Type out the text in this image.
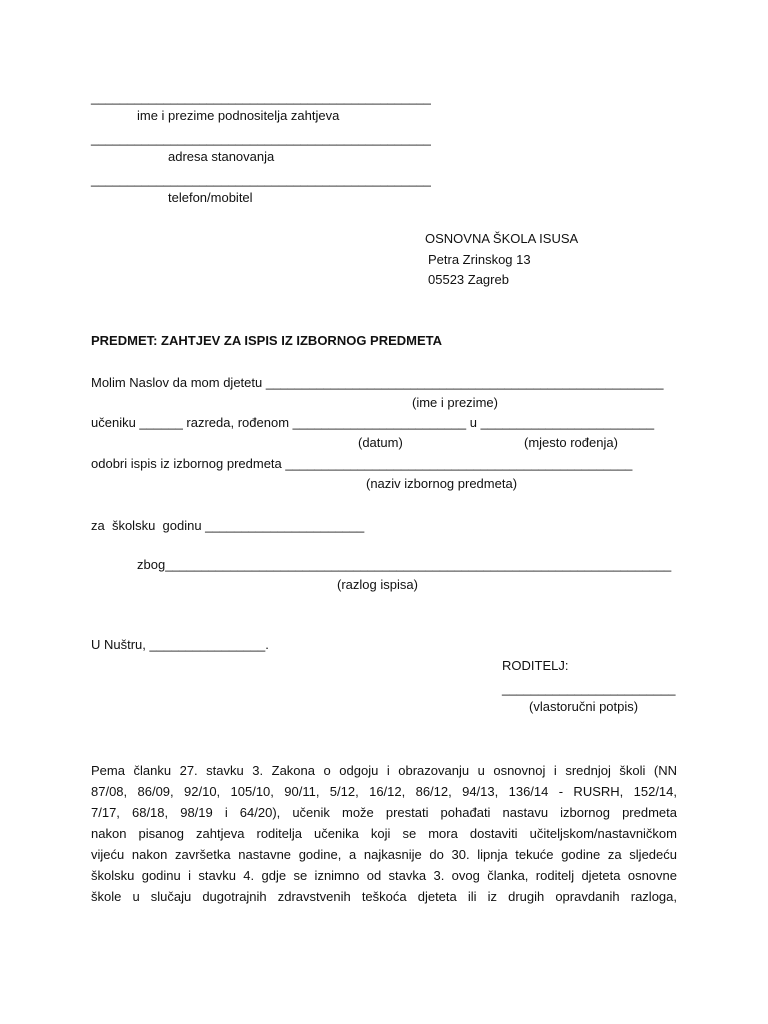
_______________________________________________
ime i prezime podnositelja zahtjeva
_______________________________________________
adresa stanovanja
_______________________________________________
telefon/mobitel
OSNOVNA ŠKOLA ISUSA
Petra Zrinskog 13
05523 Zagreb
PREDMET: ZAHTJEV ZA ISPIS IZ IZBORNOG PREDMETA
Molim Naslov da mom djetetu _______________________________________________________
(ime i prezime)
učeniku ______ razreda, rođenom ________________________ u ________________________
(datum)	(mjesto rođenja)
odobri ispis iz izbornog predmeta ________________________________________________
(naziv izbornog predmeta)
za  školsku  godinu ______________________
zbog______________________________________________________________________
(razlog ispisa)
U Nuštru, ________________.
RODITELJ:
________________________
(vlastoručni potpis)
Pema članku 27. stavku 3. Zakona o odgoju i obrazovanju u osnovnoj i srednjoj školi (NN
87/08, 86/09, 92/10, 105/10, 90/11, 5/12, 16/12, 86/12, 94/13, 136/14 - RUSRH, 152/14,
7/17, 68/18, 98/19 i 64/20), učenik može prestati pohađati nastavu izbornog predmeta
nakon pisanog zahtjeva roditelja učenika koji se mora dostaviti učiteljskom/nastavničkom
vijeću nakon završetka nastavne godine, a najkasnije do 30. lipnja tekuće godine za sljedeću
školsku godinu i stavku 4. gdje se iznimno od stavka 3. ovog članka, roditelj djeteta osnovne
škole u slučaju dugotrajnih zdravstvenih teškoća djeteta ili iz drugih opravdanih razloga,
